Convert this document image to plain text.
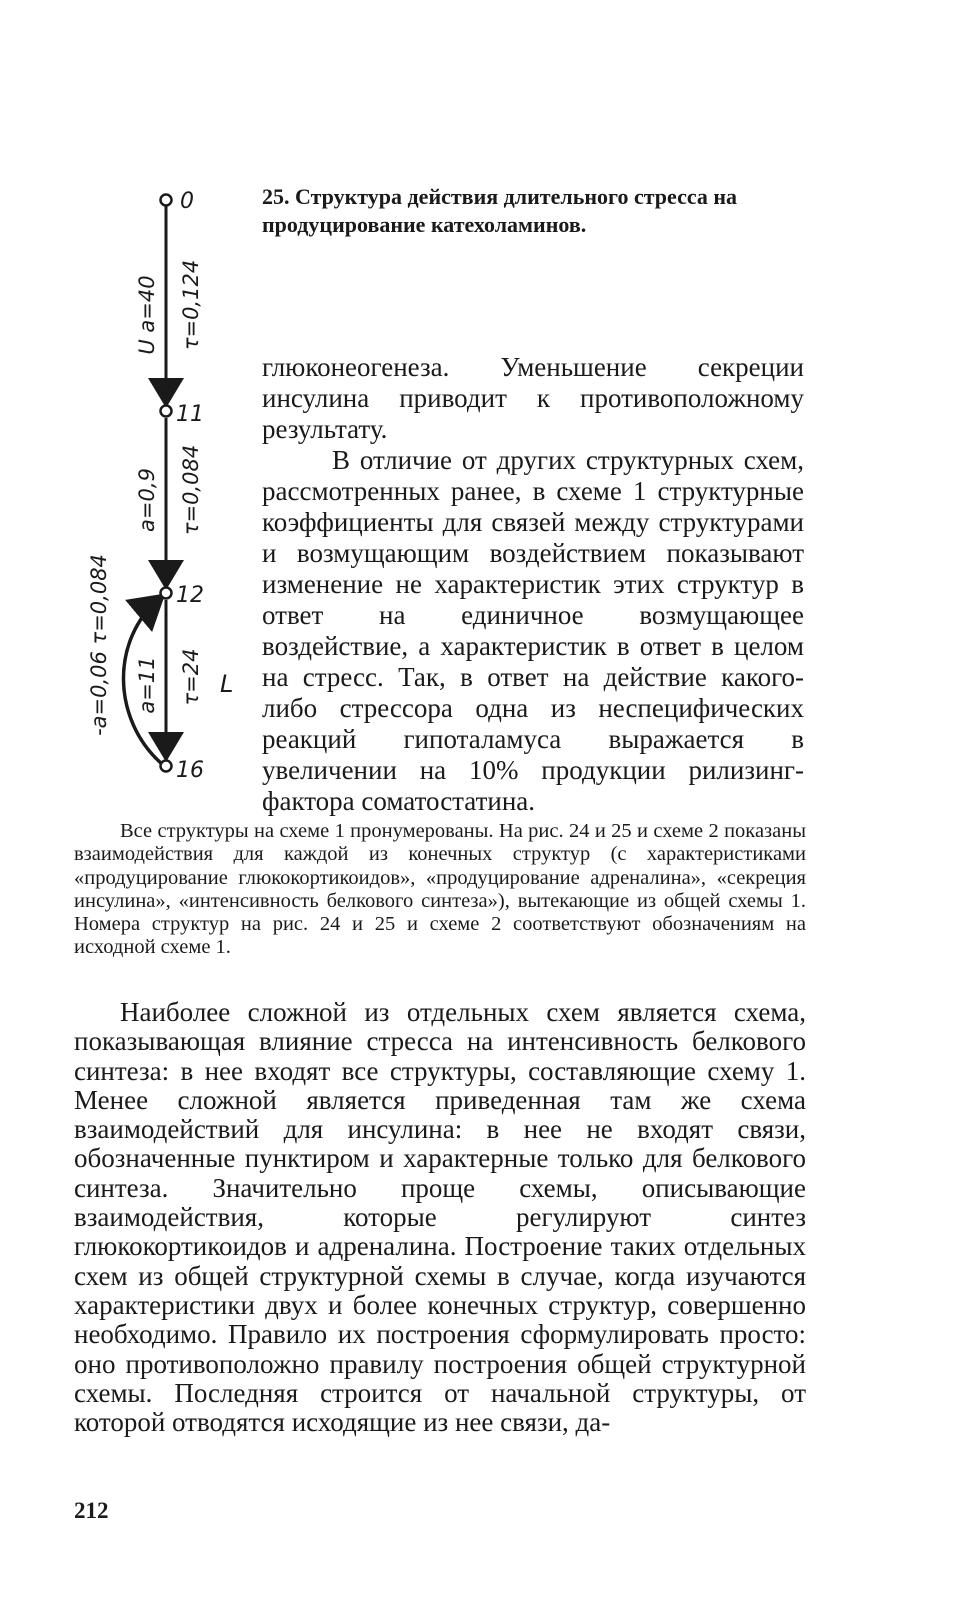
0
11
12
16
U a=40 τ=0,124
a=0,9 τ=0,084
a=11 τ=24
-a=0,06 τ=0,084	L
25. Структура действия длительного стресса на продуцирование катехоламинов.

глюконеогенеза. Уменьшение секреции инсулина приводит к противоположному результату.

В отличие от других структурных схем, рассмотренных ранее, в схеме 1 структурные коэффициенты для связей между структурами и возмущающим воздействием показывают изменение не характеристик этих структур в ответ на единичное возмущающее воздействие, а характеристик в ответ в целом на стресс. Так, в ответ на действие какого-либо стрессора одна из неспецифических реакций гипоталамуса выражается в увеличении на 10% продукции рилизинг-фактора соматостатина.

Все структуры на схеме 1 пронумерованы. На рис. 24 и 25 и схеме 2 показаны взаимодействия для каждой из конечных структур (с характеристиками «продуцирование глюкокортикоидов», «продуцирование адреналина», «секреция инсулина», «интенсивность белкового синтеза»), вытекающие из общей схемы 1. Номера структур на рис. 24 и 25 и схеме 2 соответствуют обозначениям на исходной схеме 1.
Наиболее сложной из отдельных схем является схема, показывающая влияние стресса на интенсивность белкового синтеза: в нее входят все структуры, составляющие схему 1. Менее сложной является приведенная там же схема взаимодействий для инсулина: в нее не входят связи, обозначенные пунктиром и характерные только для белкового синтеза. Значительно проще схемы, описывающие взаимодействия, которые регулируют синтез глюкокортикоидов и адреналина. Построение таких отдельных схем из общей структурной схемы в случае, когда изучаются характеристики двух и более конечных структур, совершенно необходимо. Правило их построения сформулировать просто: оно противоположно правилу построения общей структурной схемы. Последняя строится от начальной структуры, от которой отводятся исходящие из нее связи, да-
212
